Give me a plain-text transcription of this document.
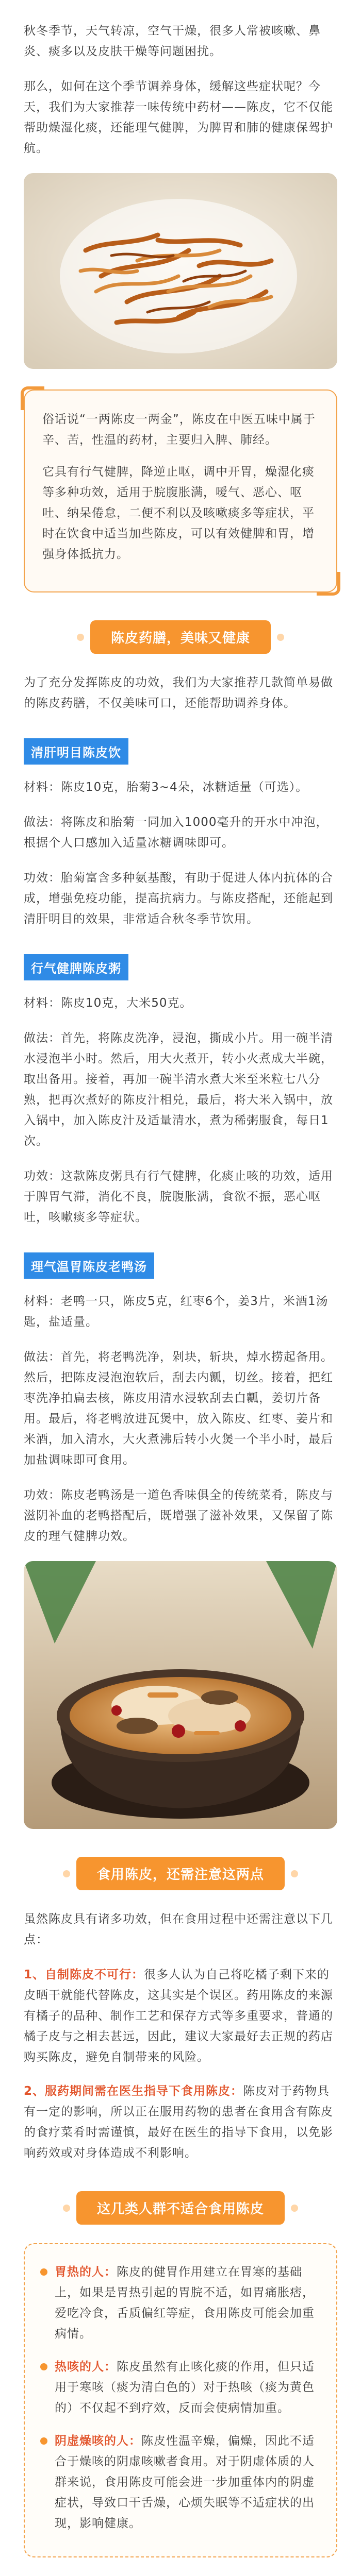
秋冬季节，天气转凉，空气干燥，很多人常被咳嗽、鼻炎、痰多以及皮肤干燥等问题困扰。

那么，如何在这个季节调养身体，缓解这些症状呢？今天，我们为大家推荐一味传统中药材——陈皮，它不仅能帮助燥湿化痰，还能理气健脾，为脾胃和肺的健康保驾护航。

俗话说“一两陈皮一两金”，陈皮在中医五味中属于辛、苦，性温的药材，主要归入脾、肺经。

它具有行气健脾，降逆止呕，调中开胃，燥湿化痰等多种功效，适用于脘腹胀满，嗳气、恶心、呕吐、纳呆倦怠，二便不利以及咳嗽痰多等症状，平时在饮食中适当加些陈皮，可以有效健脾和胃，增强身体抵抗力。

陈皮药膳，美味又健康

为了充分发挥陈皮的功效，我们为大家推荐几款简单易做的陈皮药膳，不仅美味可口，还能帮助调养身体。

清肝明目陈皮饮

材料：陈皮10克，胎菊3~4朵，冰糖适量（可选）。

做法：将陈皮和胎菊一同加入1000毫升的开水中冲泡，根据个人口感加入适量冰糖调味即可。

功效：胎菊富含多种氨基酸，有助于促进人体内抗体的合成，增强免疫功能，提高抗病力。与陈皮搭配，还能起到清肝明目的效果，非常适合秋冬季节饮用。

行气健脾陈皮粥

材料：陈皮10克，大米50克。

做法：首先，将陈皮洗净，浸泡，撕成小片。用一碗半清水浸泡半小时。然后，用大火煮开，转小火煮成大半碗，取出备用。接着，再加一碗半清水煮大米至米粒七八分熟，把再次煮好的陈皮汁相兑，最后，将大米入锅中，放入锅中，加入陈皮汁及适量清水，煮为稀粥服食，每日1次。

功效：这款陈皮粥具有行气健脾，化痰止咳的功效，适用于脾胃气滞，消化不良，脘腹胀满，食欲不振，恶心呕吐，咳嗽痰多等症状。

理气温胃陈皮老鸭汤

材料：老鸭一只，陈皮5克，红枣6个，姜3片，米酒1汤匙，盐适量。

做法：首先，将老鸭洗净，剁块，斩块，焯水捞起备用。然后，把陈皮浸泡泡软后，刮去内瓤，切丝。接着，把红枣洗净拍扁去核，陈皮用清水浸软刮去白瓤，姜切片备用。最后，将老鸭放进瓦煲中，放入陈皮、红枣、姜片和米酒，加入清水，大火煮沸后转小火煲一个半小时，最后加盐调味即可食用。

功效：陈皮老鸭汤是一道色香味俱全的传统菜肴，陈皮与滋阴补血的老鸭搭配后，既增强了滋补效果，又保留了陈皮的理气健脾功效。

食用陈皮，还需注意这两点

虽然陈皮具有诸多功效，但在食用过程中还需注意以下几点：

1、自制陈皮不可行：很多人认为自己将吃橘子剩下来的皮晒干就能代替陈皮，这其实是个误区。药用陈皮的来源有橘子的品种、制作工艺和保存方式等多重要求，普通的橘子皮与之相去甚远，因此，建议大家最好去正规的药店购买陈皮，避免自制带来的风险。

2、服药期间需在医生指导下食用陈皮：陈皮对于药物具有一定的影响，所以正在服用药物的患者在食用含有陈皮的食疗菜肴时需谨慎，最好在医生的指导下食用，以免影响药效或对身体造成不利影响。

这几类人群不适合食用陈皮

胃热的人：陈皮的健胃作用建立在胃寒的基础上，如果是胃热引起的胃脘不适，如胃痛胀痞，爱吃冷食，舌质偏红等症，食用陈皮可能会加重病情。

热咳的人：陈皮虽然有止咳化痰的作用，但只适用于寒咳（痰为清白色的）对于热咳（痰为黄色的）不仅起不到疗效，反而会使病情加重。

阴虚燥咳的人：陈皮性温辛燥，偏燥，因此不适合于燥咳的阴虚咳嗽者食用。对于阴虚体质的人群来说，食用陈皮可能会进一步加重体内的阴虚症状，导致口干舌燥，心烦失眠等不适症状的出现，影响健康。
